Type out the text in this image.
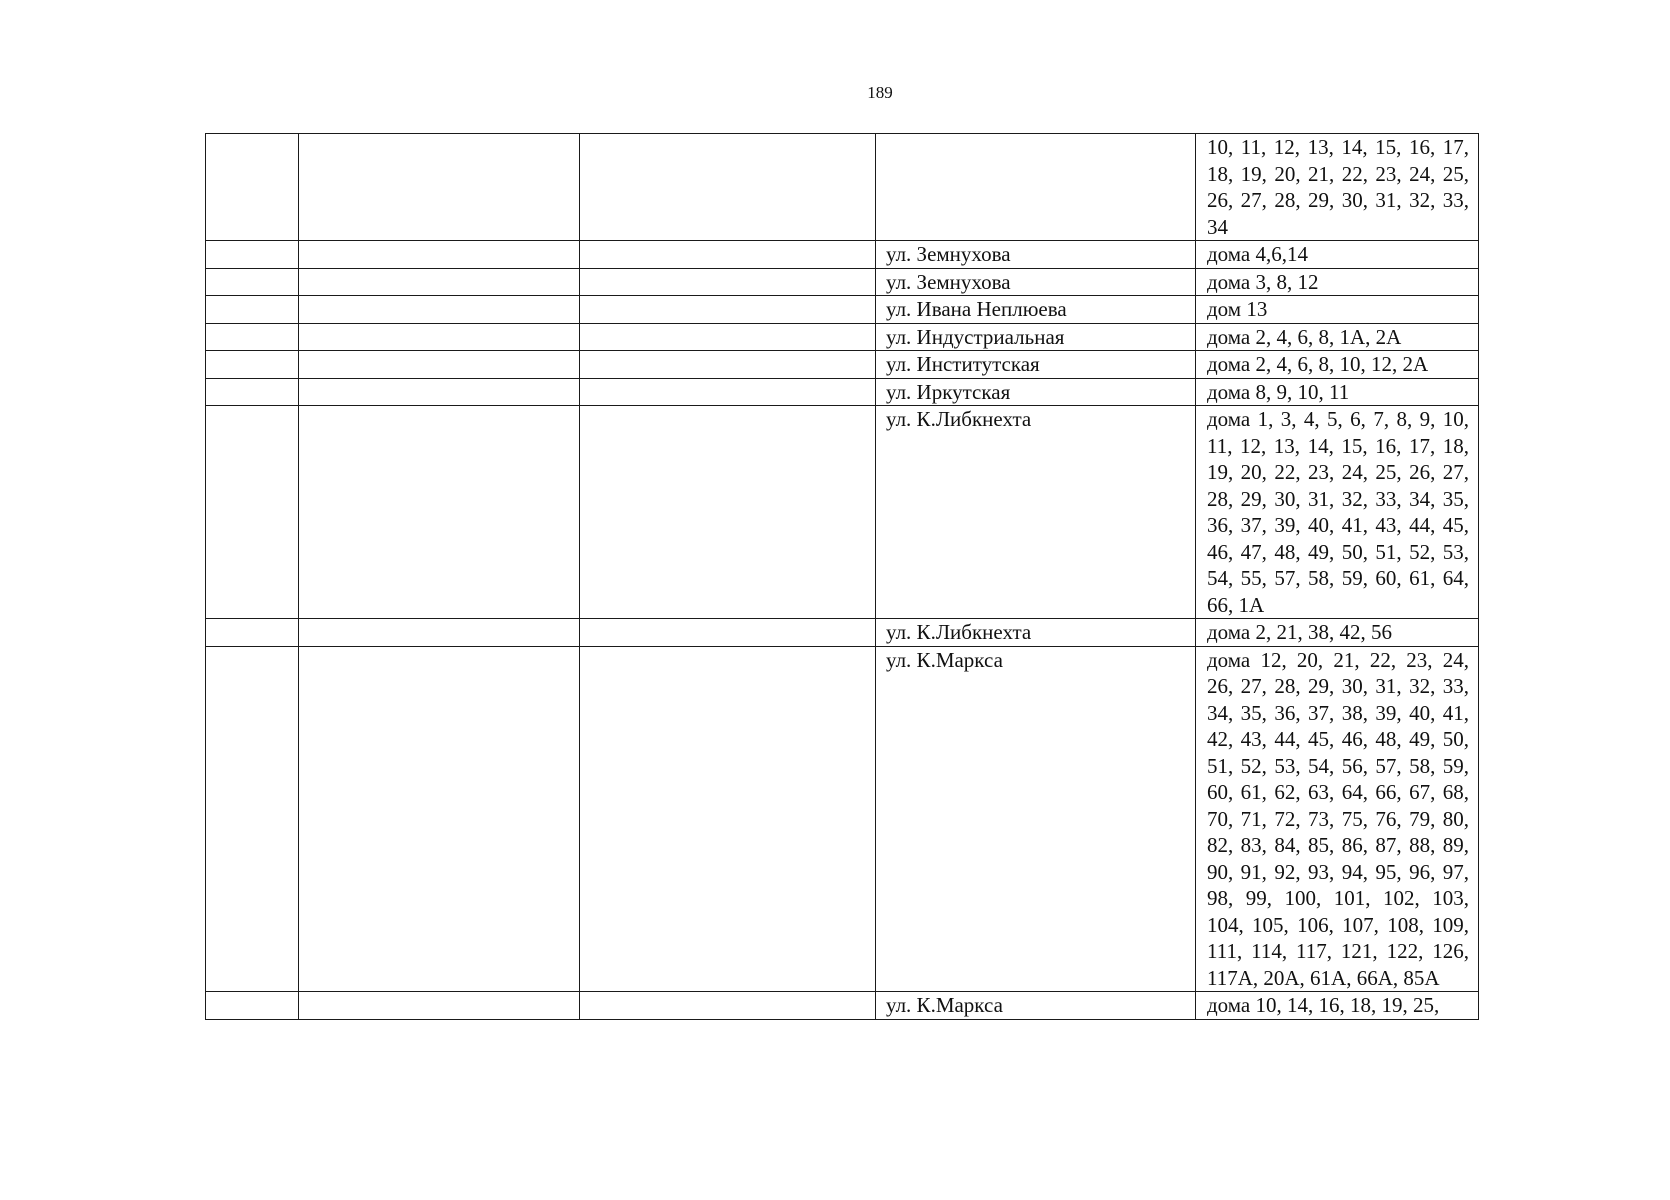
189
				10, 11, 12, 13, 14, 15, 16, 17, 18, 19, 20, 21, 22, 23, 24, 25, 26, 27, 28, 29, 30, 31, 32, 33, 34
			ул. Земнухова	дома 4,6,14
			ул. Земнухова	дома 3, 8, 12
			ул. Ивана Неплюева	дом 13
			ул. Индустриальная	дома 2, 4, 6, 8, 1А, 2А
			ул. Институтская	дома 2, 4, 6, 8, 10, 12, 2А
			ул. Иркутская	дома 8, 9, 10, 11
			ул. К.Либкнехта	дома 1, 3, 4, 5, 6, 7, 8, 9, 10, 11, 12, 13, 14, 15, 16, 17, 18, 19, 20, 22, 23, 24, 25, 26, 27, 28, 29, 30, 31, 32, 33, 34, 35, 36, 37, 39, 40, 41, 43, 44, 45, 46, 47, 48, 49, 50, 51, 52, 53, 54, 55, 57, 58, 59, 60, 61, 64, 66, 1А
			ул. К.Либкнехта	дома 2, 21, 38, 42, 56
			ул. К.Маркса	дома 12, 20, 21, 22, 23, 24, 26, 27, 28, 29, 30, 31, 32, 33, 34, 35, 36, 37, 38, 39, 40, 41, 42, 43, 44, 45, 46, 48, 49, 50, 51, 52, 53, 54, 56, 57, 58, 59, 60, 61, 62, 63, 64, 66, 67, 68, 70, 71, 72, 73, 75, 76, 79, 80, 82, 83, 84, 85, 86, 87, 88, 89, 90, 91, 92, 93, 94, 95, 96, 97, 98, 99, 100, 101, 102, 103, 104, 105, 106, 107, 108, 109, 111, 114, 117, 121, 122, 126, 117А, 20А, 61А, 66А, 85А
			ул. К.Маркса	дома 10, 14, 16, 18, 19, 25,
